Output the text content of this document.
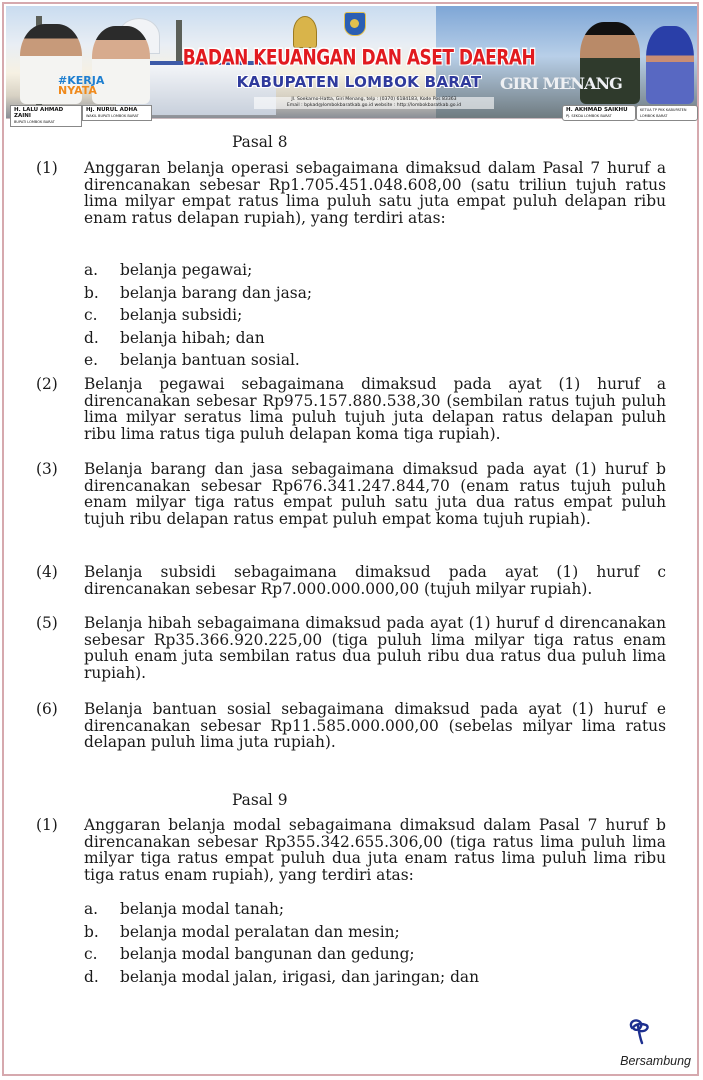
#KERJA
NYATA
BADAN KEUANGAN DAN ASET DAERAH
KABUPATEN LOMBOK BARAT	GIRI MENANG
Jl. Soekarno-Hatta, Giri Menang, telp : (0370) 6184183, Kode Pos 83363
Email : bpkad@lombokbaratkab.go.id website : http://lombokbaratkab.go.id
H. LALU AHMAD ZAINI
BUPATI LOMBOK BARAT
Hj. NURUL ADHA
WAKIL BUPATI LOMBOK BARAT
H. AKHMAD SAIKHU
PJ. SEKDA LOMBOK BARAT
KETUA TP PKK KABUPATEN LOMBOK BARAT
Pasal 8
(1) Anggaran belanja operasi sebagaimana dimaksud dalam Pasal 7 huruf a direncanakan sebesar Rp1.705.451.048.608,00 (satu triliun tujuh ratus lima milyar empat ratus lima puluh satu juta empat puluh delapan ribu enam ratus delapan rupiah), yang terdiri atas:
a. belanja pegawai;
b. belanja barang dan jasa;
c. belanja subsidi;
d. belanja hibah; dan
e. belanja bantuan sosial.
(2) Belanja pegawai sebagaimana dimaksud pada ayat (1) huruf a direncanakan sebesar Rp975.157.880.538,30 (sembilan ratus tujuh puluh lima milyar seratus lima puluh tujuh juta delapan ratus delapan puluh ribu lima ratus tiga puluh delapan koma tiga rupiah).
(3) Belanja barang dan jasa sebagaimana dimaksud pada ayat (1) huruf b direncanakan sebesar Rp676.341.247.844,70 (enam ratus tujuh puluh enam milyar tiga ratus empat puluh satu juta dua ratus empat puluh tujuh ribu delapan ratus empat puluh empat koma tujuh rupiah).
(4) Belanja subsidi sebagaimana dimaksud pada ayat (1) huruf c direncanakan sebesar Rp7.000.000.000,00 (tujuh milyar rupiah).
(5) Belanja hibah sebagaimana dimaksud pada ayat (1) huruf d direncanakan sebesar Rp35.366.920.225,00 (tiga puluh lima milyar tiga ratus enam puluh enam juta sembilan ratus dua puluh ribu dua ratus dua puluh lima rupiah).
(6) Belanja bantuan sosial sebagaimana dimaksud pada ayat (1) huruf e direncanakan sebesar Rp11.585.000.000,00 (sebelas milyar lima ratus delapan puluh lima juta rupiah).
Pasal 9
(1) Anggaran belanja modal sebagaimana dimaksud dalam Pasal 7 huruf b direncanakan sebesar Rp355.342.655.306,00 (tiga ratus lima puluh lima milyar tiga ratus empat puluh dua juta enam ratus lima puluh lima ribu tiga ratus enam rupiah), yang terdiri atas:
a. belanja modal tanah;
b. belanja modal peralatan dan mesin;
c. belanja modal bangunan dan gedung;
d. belanja modal jalan, irigasi, dan jaringan; dan
Bersambung
